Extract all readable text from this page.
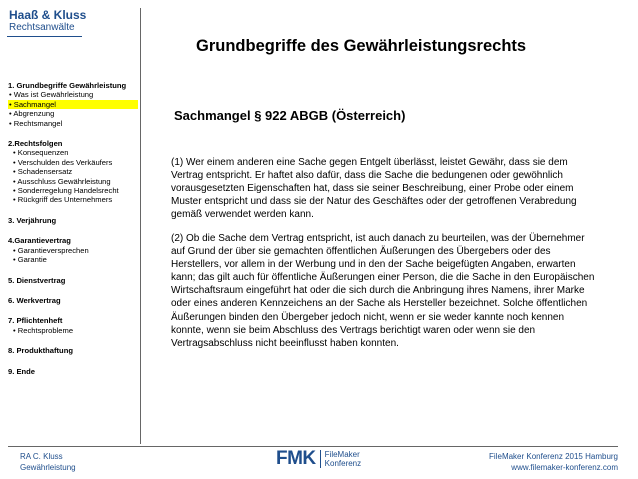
Haaß & Kluss
Rechtsanwälte
Grundbegriffe des Gewährleistungsrechts
1. Grundbegriffe Gewährleistung
• Was ist Gewährleistung
• Sachmangel
• Abgrenzung
• Rechtsmangel
2.Rechtsfolgen
• Konsequenzen
• Verschulden des Verkäufers
• Schadensersatz
• Ausschluss Gewährleistung
• Sonderregelung Handelsrecht
• Rückgriff des Unternehmers
3. Verjährung
4.Garantievertrag
• Garantieversprechen
• Garantie
5. Dienstvertrag
6. Werkvertrag
7. Pflichtenheft
• Rechtsprobleme
8. Produkthaftung
9. Ende
Sachmangel § 922 ABGB (Österreich)
(1) Wer einem anderen eine Sache gegen Entgelt überlässt, leistet Gewähr, dass sie dem Vertrag entspricht. Er haftet also dafür, dass die Sache die bedungenen oder gewöhnlich vorausgesetzten Eigenschaften hat, dass sie seiner Beschreibung, einer Probe oder einem Muster entspricht und dass sie der Natur des Geschäftes oder der getroffenen Verabredung gemäß verwendet werden kann.
(2) Ob die Sache dem Vertrag entspricht, ist auch danach zu beurteilen, was der Übernehmer auf Grund der über sie gemachten öffentlichen Äußerungen des Übergebers oder des Herstellers, vor allem in der Werbung und in den der Sache beigefügten Angaben, erwarten kann; das gilt auch für öffentliche Äußerungen einer Person, die die Sache in den Europäischen Wirtschaftsraum eingeführt hat oder die sich durch die Anbringung ihres Namens, ihrer Marke oder eines anderen Kennzeichens an der Sache als Hersteller bezeichnet. Solche öffentlichen Äußerungen binden den Übergeber jedoch nicht, wenn er sie weder kannte noch kennen konnte, wenn sie beim Abschluss des Vertrags berichtigt waren oder wenn sie den Vertragsabschluss nicht beeinflusst haben konnten.
RA C. Kluss
Gewährleistung	FMK FileMaker
Konferenz
FileMaker Konferenz 2015 Hamburg
www.filemaker-konferenz.com
